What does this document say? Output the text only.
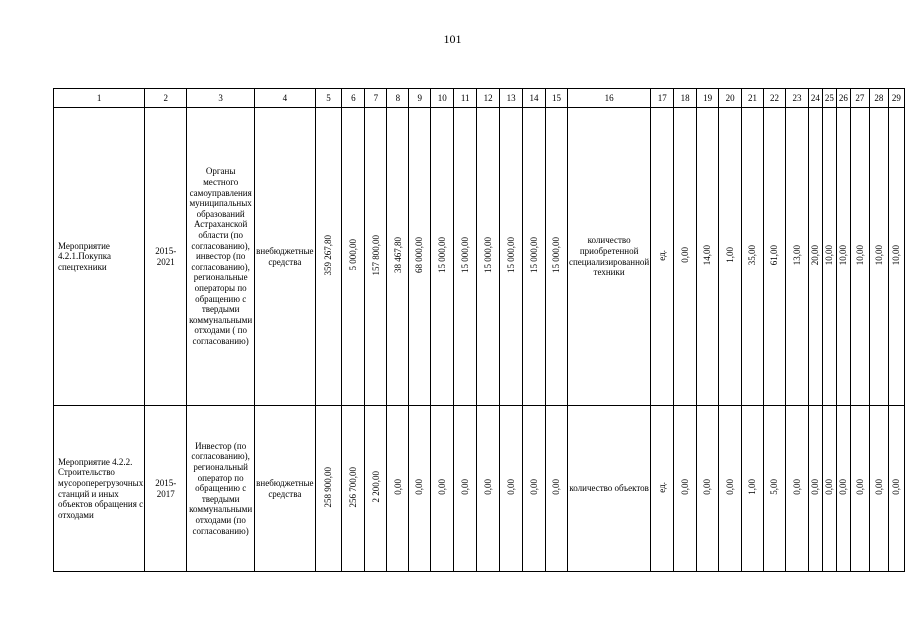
101
1	2	3	4	5	6	7	8	9	10	11	12	13	14	15	16	17	18	19	20	21	22	23	24	25	26	27	28	29

Мероприятие 4.2.1.Покупка спецтехники	2015-2021	Органы местного самоуправления муниципальных образований Астраханской области (по согласованию), инвестор (по согласованию), региональные операторы по обращению с твердыми коммунальными отходами ( по согласованию)	внебюджетные средства	359 267,80	5 000,00	157 800,00	38 467,80	68 000,00	15 000,00	15 000,00	15 000,00	15 000,00	15 000,00	15 000,00	количество приобретенной специализированной техники	ед.	0,00	14,00	1,00	35,00	61,00	13,00	20,00	10,00	10,00	10,00	10,00	10,00

Мероприятие 4.2.2. Строительство мусороперегрузочных станций и иных объектов обращения с отходами	2015-2017	Инвестор (по согласованию), региональный оператор по обращению с твердыми коммунальными отходами (по согласованию)	внебюджетные средства	258 900,00	256 700,00	2 200,00	0,00	0,00	0,00	0,00	0,00	0,00	0,00	0,00	количество объектов	ед.	0,00	0,00	0,00	1,00	5,00	0,00	0,00	0,00	0,00	0,00	0,00	0,00
